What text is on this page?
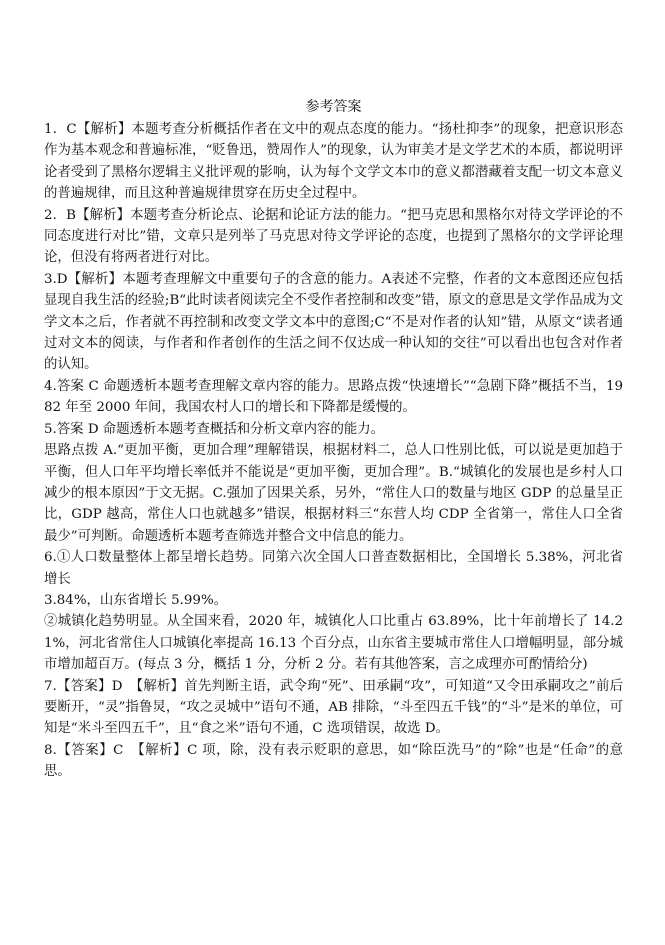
参考答案

1．C【解析】本题考查分析概括作者在文中的观点态度的能力。“扬杜抑李”的现象，把意识形态作为基本观念和普遍标准，“贬鲁迅，赞周作人”的现象，认为审美才是文学艺术的本质，都说明评论者受到了黑格尔逻辑主义批评观的影响，认为每个文学文本巾的意义都潜藏着支配一切文本意义的普遍规律，而且这种普遍规律贯穿在历史全过程中。

2．B【解析】本题考查分析论点、论据和论证方法的能力。“把马克思和黑格尔对待文学评论的不同态度进行对比”错，文章只是列举了马克思对待文学评论的态度，也提到了黑格尔的文学评论理论，但没有将两者进行对比。

3.D【解析】本题考查理解文中重要句子的含意的能力。A表述不完整，作者的文本意图还应包括显现自我生活的经验;B“此时读者阅读完全不受作者控制和改变”错，原文的意思是文学作品成为文学文本之后，作者就不再控制和改变文学文本中的意图;C“不是对作者的认知”错，从原文“读者通过对文本的阅读，与作者和作者创作的生活之间不仅达成一种认知的交往”可以看出也包含对作者的认知。

4.答案 C 命题透析本题考查理解文章内容的能力。思路点拨“快速增长”“急剧下降”概括不当，1982 年至 2000 年间，我国农村人口的增长和下降都是缓慢的。

5.答案 D 命题透析本题考查概括和分析文章内容的能力。

思路点拨 A.“更加平衡，更加合理”理解错误，根据材料二，总人口性别比低，可以说是更加趋于平衡，但人口年平均增长率低并不能说是“更加平衡，更加合理”。B.“城镇化的发展也是乡村人口减少的根本原因”于文无据。C.强加了因果关系，另外，“常住人口的数量与地区 GDP 的总量呈正比，GDP 越高，常住人口也就越多”错误，根据材料三“东营人均 CDP 全省第一，常住人口全省最少”可判断。命题透析本题考查筛选并整合文中信息的能力。

6.①人口数量整体上都呈增长趋势。同第六次全国人口普查数据相比，全国增长 5.38%，河北省增长

3.84%，山东省增长 5.99%。

②城镇化趋势明显。从全国来看，2020 年，城镇化人口比重占 63.89%，比十年前增长了 14.21%，河北省常住人口城镇化率提高 16.13 个百分点，山东省主要城市常住人口增幅明显，部分城市增加超百万。(每点 3 分，概括 1 分，分析 2 分。若有其他答案，言之成理亦可酌情给分)

7.【答案】D　【解析】首先判断主语，武令珣“死”、田承嗣“攻”，可知道“又令田承嗣攻之”前后要断开，“灵”指鲁炅，“攻之灵城中”语句不通，AB 排除，“斗至四五千钱”的“斗”是米的单位，可知是“米斗至四五千”，且“食之米”语句不通，C 选项错误，故选 D。

8.【答案】C　【解析】C 项，除，没有表示贬职的意思，如“除臣洗马”的“除”也是“任命”的意思。
